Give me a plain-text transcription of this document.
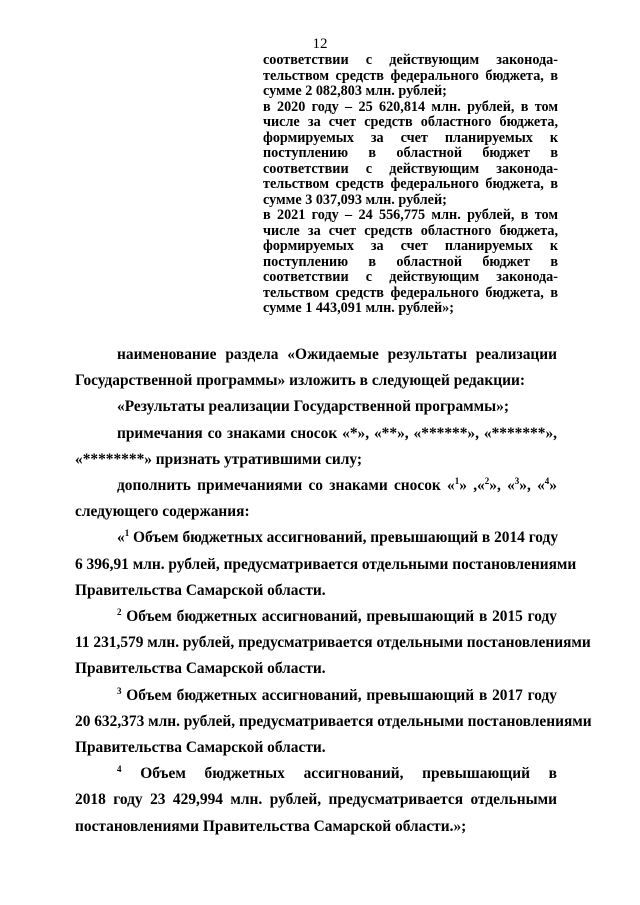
12
соответствии с действующим законода-
тельством средств федерального бюджета, в
сумме 2 082,803 млн. рублей;
в 2020 году – 25 620,814 млн. рублей, в том
числе за счет средств областного бюджета,
формируемых за счет планируемых к
поступлению в областной бюджет в
соответствии с действующим законода-
тельством средств федерального бюджета, в
сумме 3 037,093 млн. рублей;
в 2021 году – 24 556,775 млн. рублей, в том
числе за счет средств областного бюджета,
формируемых за счет планируемых к
поступлению в областной бюджет в
соответствии с действующим законода-
тельством средств федерального бюджета, в
сумме 1 443,091 млн. рублей»;
наименование раздела «Ожидаемые результаты реализации
Государственной программы» изложить в следующей редакции:
«Результаты реализации Государственной программы»;
примечания со знаками сносок «*», «**», «******», «*******»,
«********» признать утратившими силу;
дополнить примечаниями со знаками сносок «$^1$» ,«$^2$», «$^3$», «$^4$»
следующего содержания:
«$^1$ Объем бюджетных ассигнований, превышающий в 2014 году
6 396,91 млн. рублей, предусматривается отдельными постановлениями
Правительства Самарской области.
$^2$ Объем бюджетных ассигнований, превышающий в 2015 году
11 231,579 млн. рублей, предусматривается отдельными постановлениями
Правительства Самарской области.
$^3$ Объем бюджетных ассигнований, превышающий в 2017 году
20 632,373 млн. рублей, предусматривается отдельными постановлениями
Правительства Самарской области.
$^4$ Объем бюджетных ассигнований, превышающий в
2018 году 23 429,994 млн. рублей, предусматривается отдельными
постановлениями Правительства Самарской области.»;
